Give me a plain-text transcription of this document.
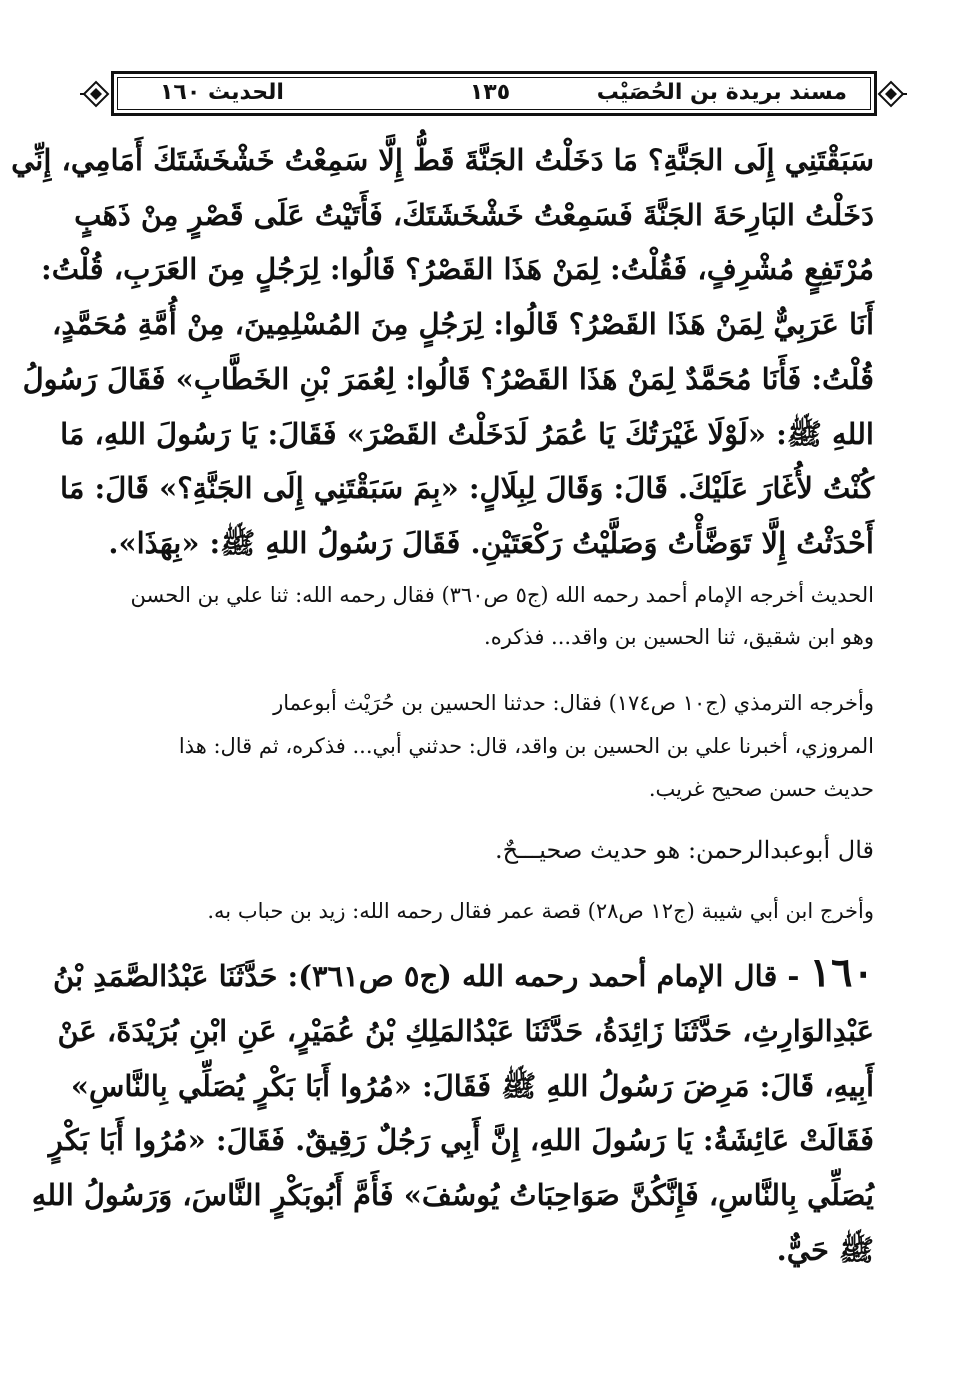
مسند بريدة بن الحُصَيْب
١٣٥
الحديث ١٦٠
سَبَقْتَنِي إِلَى الجَنَّةِ؟ مَا دَخَلْتُ الجَنَّةَ قَطُّ إِلَّا سَمِعْتُ خَشْخَشَتَكَ أَمَامِي، إِنِّي
دَخَلْتُ البَارِحَةَ الجَنَّةَ فَسَمِعْتُ خَشْخَشَتَكَ، فَأَتَيْتُ عَلَى قَصْرٍ مِنْ ذَهَبٍ
مُرْتَفِعٍ مُشْرِفٍ، فَقُلْتُ: لِمَنْ هَذَا القَصْرُ؟ قَالُوا: لِرَجُلٍ مِنَ العَرَبِ، قُلْتُ:
أَنَا عَرَبِيٌّ لِمَنْ هَذَا القَصْرُ؟ قَالُوا: لِرَجُلٍ مِنَ المُسْلِمِينَ، مِنْ أُمَّةِ مُحَمَّدٍ،
قُلْتُ: فَأَنَا مُحَمَّدٌ لِمَنْ هَذَا القَصْرُ؟ قَالُوا: لِعُمَرَ بْنِ الخَطَّابِ» فَقَالَ رَسُولُ
اللهِ ﷺ: «لَوْلَا غَيْرَتُكَ يَا عُمَرُ لَدَخَلْتُ القَصْرَ» فَقَالَ: يَا رَسُولَ اللهِ، مَا
كُنْتُ لأُغَارَ عَلَيْكَ. قَالَ: وَقَالَ لِبِلَالٍ: «بِمَ سَبَقْتَنِي إِلَى الجَنَّةِ؟» قَالَ: مَا
أَحْدَثْتُ إِلَّا تَوَضَّأْتُ وَصَلَّيْتُ رَكْعَتَيْنِ. فَقَالَ رَسُولُ اللهِ ﷺ: «بِهَذَا».
الحديث أخرجه الإمام أحمد رحمه الله (ج٥ ص٣٦٠) فقال رحمه الله: ثنا علي بن الحسن
وهو ابن شقيق، ثنا الحسين بن واقد... فذكره.
وأخرجه الترمذي (ج١٠ ص١٧٤) فقال: حدثنا الحسين بن حُرَيْث أبوعمار
المروزي، أخبرنا علي بن الحسين بن واقد، قال: حدثني أبي... فذكره، ثم قال: هذا
حديث حسن صحيح غريب.
قال أبوعبدالرحمن: هو حديث صحيـــحٌ.
وأخرج ابن أبي شيبة (ج١٢ ص٢٨) قصة عمر فقال رحمه الله: زيد بن حباب به.
١٦٠ - قال الإمام أحمد رحمه الله (ج٥ ص٣٦١): حَدَّثَنَا عَبْدُالصَّمَدِ بْنُ
عَبْدِالوَارِثِ، حَدَّثَنَا زَائِدَةُ، حَدَّثَنَا عَبْدُالمَلِكِ بْنُ عُمَيْرٍ، عَنِ ابْنِ بُرَيْدَةَ، عَنْ
أَبِيهِ، قَالَ: مَرِضَ رَسُولُ اللهِ ﷺ فَقَالَ: «مُرُوا أَبَا بَكْرٍ يُصَلِّي بِالنَّاسِ»
فَقَالَتْ عَائِشَةُ: يَا رَسُولَ اللهِ، إِنَّ أَبِي رَجُلٌ رَقِيقٌ. فَقَالَ: «مُرُوا أَبَا بَكْرٍ
يُصَلِّي بِالنَّاسِ، فَإِنَّكُنَّ صَوَاحِبَاتُ يُوسُفَ» فَأَمَّ أَبُوبَكْرٍ النَّاسَ، وَرَسُولُ اللهِ
ﷺ حَيٌّ.
